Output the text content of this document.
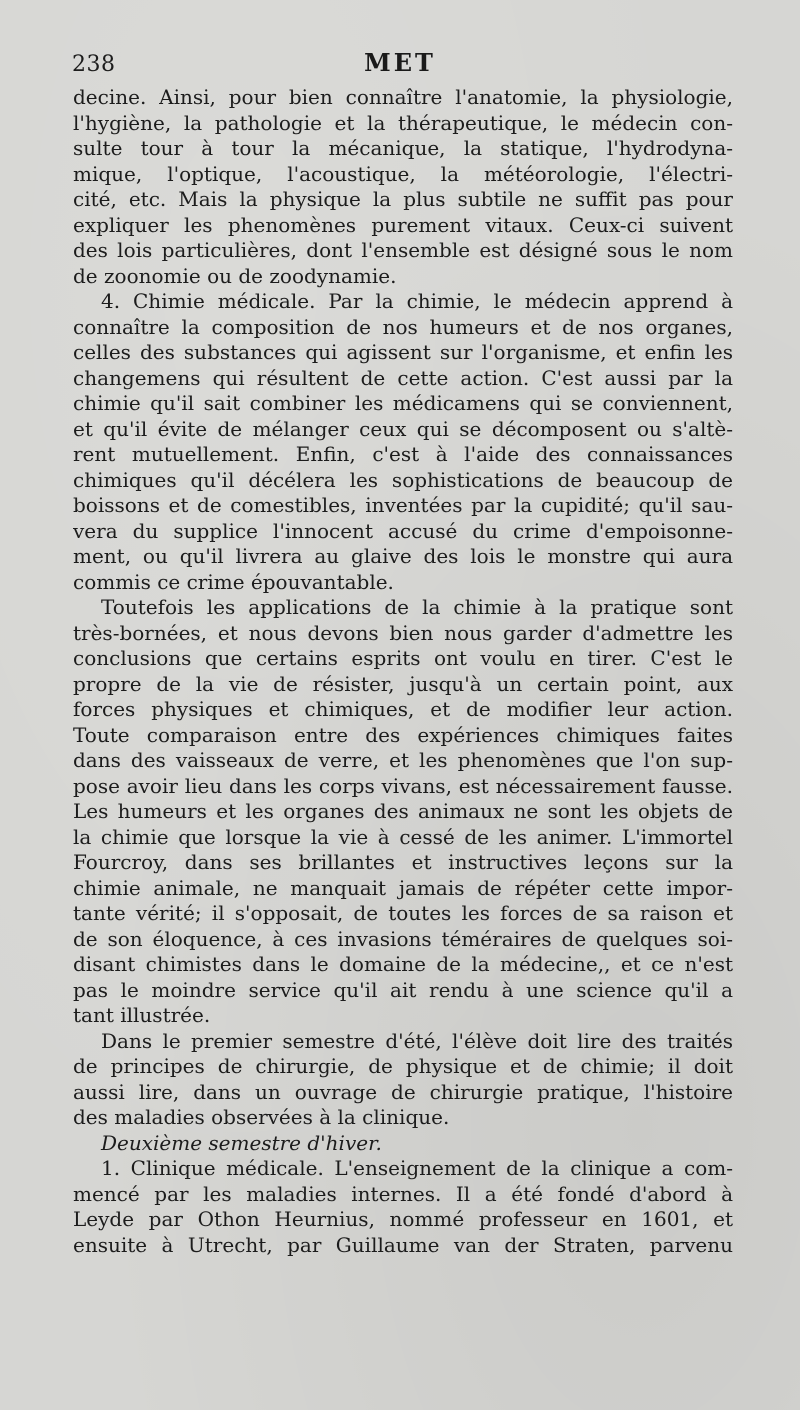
238	MET
decine. Ainsi, pour bien connaître l'anatomie, la physiologie,
l'hygiène, la pathologie et la thérapeutique, le médecin con-
sulte tour à tour la mécanique, la statique, l'hydrodyna-
mique, l'optique, l'acoustique, la météorologie, l'électri-
cité, etc. Mais la physique la plus subtile ne suffit pas pour
expliquer les phenomènes purement vitaux. Ceux-ci suivent
des lois particulières, dont l'ensemble est désigné sous le nom
de zoonomie ou de zoodynamie.
4. Chimie médicale. Par la chimie, le médecin apprend à
connaître la composition de nos humeurs et de nos organes,
celles des substances qui agissent sur l'organisme, et enfin les
changemens qui résultent de cette action. C'est aussi par la
chimie qu'il sait combiner les médicamens qui se conviennent,
et qu'il évite de mélanger ceux qui se décomposent ou s'altè-
rent mutuellement. Enfin, c'est à l'aide des connaissances
chimiques qu'il décélera les sophistications de beaucoup de
boissons et de comestibles, inventées par la cupidité; qu'il sau-
vera du supplice l'innocent accusé du crime d'empoisonne-
ment, ou qu'il livrera au glaive des lois le monstre qui aura
commis ce crime épouvantable.
Toutefois les applications de la chimie à la pratique sont
très-bornées, et nous devons bien nous garder d'admettre les
conclusions que certains esprits ont voulu en tirer. C'est le
propre de la vie de résister, jusqu'à un certain point, aux
forces physiques et chimiques, et de modifier leur action.
Toute comparaison entre des expériences chimiques faites
dans des vaisseaux de verre, et les phenomènes que l'on sup-
pose avoir lieu dans les corps vivans, est nécessairement fausse.
Les humeurs et les organes des animaux ne sont les objets de
la chimie que lorsque la vie à cessé de les animer. L'immortel
Fourcroy, dans ses brillantes et instructives leçons sur la
chimie animale, ne manquait jamais de répéter cette impor-
tante vérité; il s'opposait, de toutes les forces de sa raison et
de son éloquence, à ces invasions téméraires de quelques soi-
disant chimistes dans le domaine de la médecine,, et ce n'est
pas le moindre service qu'il ait rendu à une science qu'il a
tant illustrée.
Dans le premier semestre d'été, l'élève doit lire des traités
de principes de chirurgie, de physique et de chimie; il doit
aussi lire, dans un ouvrage de chirurgie pratique, l'histoire
des maladies observées à la clinique.
Deuxième semestre d'hiver.
1. Clinique médicale. L'enseignement de la clinique a com-
mencé par les maladies internes. Il a été fondé d'abord à
Leyde par Othon Heurnius, nommé professeur en 1601, et
ensuite à Utrecht, par Guillaume van der Straten, parvenu
